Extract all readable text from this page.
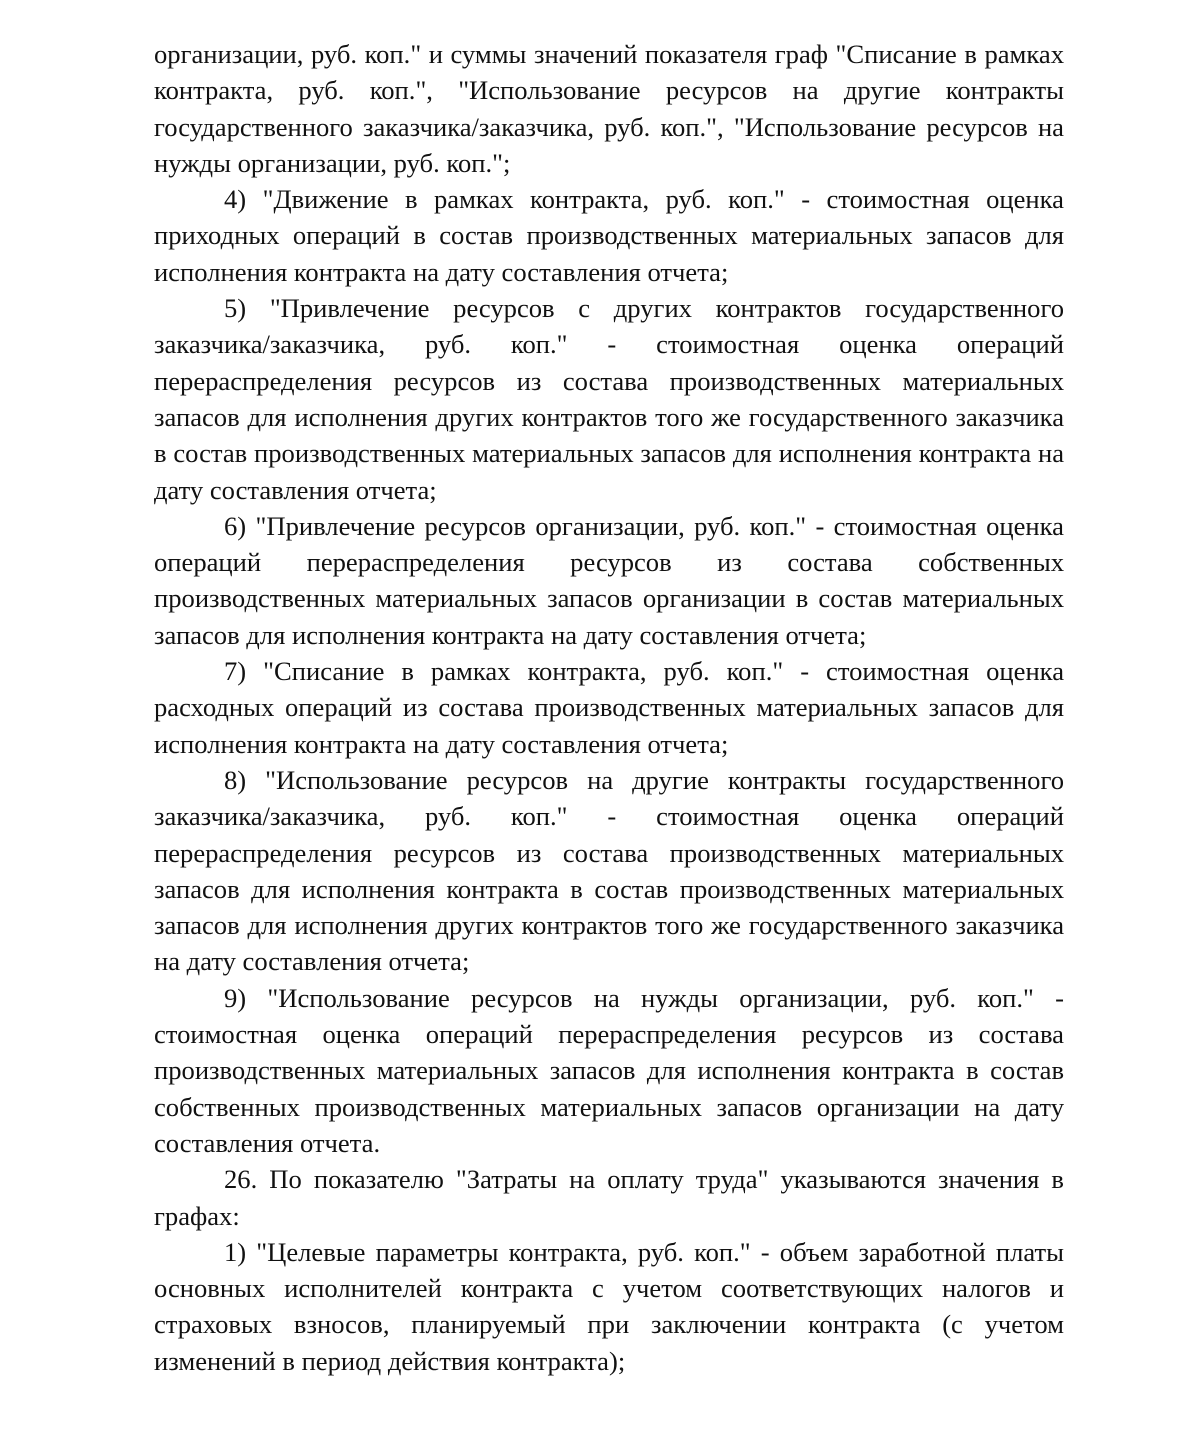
организации, руб. коп." и суммы значений показателя граф "Списание в рамках контракта, руб. коп.", "Использование ресурсов на другие контракты государственного заказчика/заказчика, руб. коп.", "Использование ресурсов на нужды организации, руб. коп.";

4) "Движение в рамках контракта, руб. коп." - стоимостная оценка приходных операций в состав производственных материальных запасов для исполнения контракта на дату составления отчета;

5) "Привлечение ресурсов с других контрактов государственного заказчика/заказчика, руб. коп." - стоимостная оценка операций перераспределения ресурсов из состава производственных материальных запасов для исполнения других контрактов того же государственного заказчика в состав производственных материальных запасов для исполнения контракта на дату составления отчета;

6) "Привлечение ресурсов организации, руб. коп." - стоимостная оценка операций перераспределения ресурсов из состава собственных производственных материальных запасов организации в состав материальных запасов для исполнения контракта на дату составления отчета;

7) "Списание в рамках контракта, руб. коп." - стоимостная оценка расходных операций из состава производственных материальных запасов для исполнения контракта на дату составления отчета;

8) "Использование ресурсов на другие контракты государственного заказчика/заказчика, руб. коп." - стоимостная оценка операций перераспределения ресурсов из состава производственных материальных запасов для исполнения контракта в состав производственных материальных запасов для исполнения других контрактов того же государственного заказчика на дату составления отчета;

9) "Использование ресурсов на нужды организации, руб. коп." - стоимостная оценка операций перераспределения ресурсов из состава производственных материальных запасов для исполнения контракта в состав собственных производственных материальных запасов организации на дату составления отчета.

26. По показателю "Затраты на оплату труда" указываются значения в графах:

1) "Целевые параметры контракта, руб. коп." - объем заработной платы основных исполнителей контракта с учетом соответствующих налогов и страховых взносов, планируемый при заключении контракта (с учетом изменений в период действия контракта);
